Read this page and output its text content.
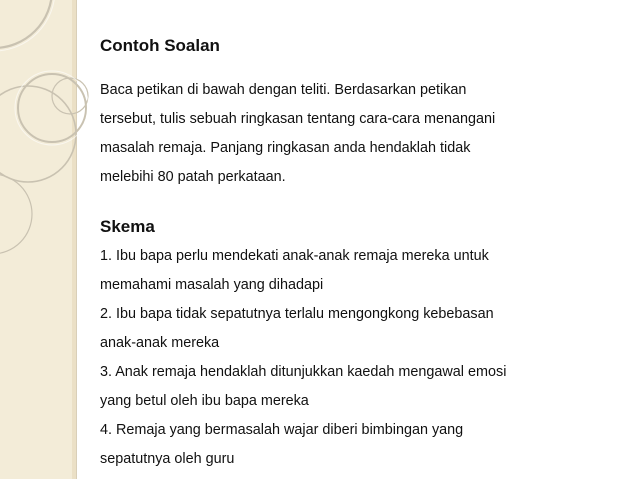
Contoh Soalan

Baca petikan di bawah dengan teliti. Berdasarkan petikan

tersebut, tulis sebuah ringkasan tentang cara-cara menangani

masalah remaja. Panjang ringkasan anda hendaklah tidak

melebihi 80 patah perkataan.

Skema

1. Ibu bapa perlu mendekati anak-anak remaja mereka untuk

memahami masalah yang dihadapi

2. Ibu bapa tidak sepatutnya terlalu mengongkong kebebasan

anak-anak mereka

3. Anak remaja hendaklah ditunjukkan kaedah mengawal emosi

yang betul oleh ibu bapa mereka

4. Remaja yang bermasalah wajar diberi bimbingan yang

sepatutnya oleh guru
